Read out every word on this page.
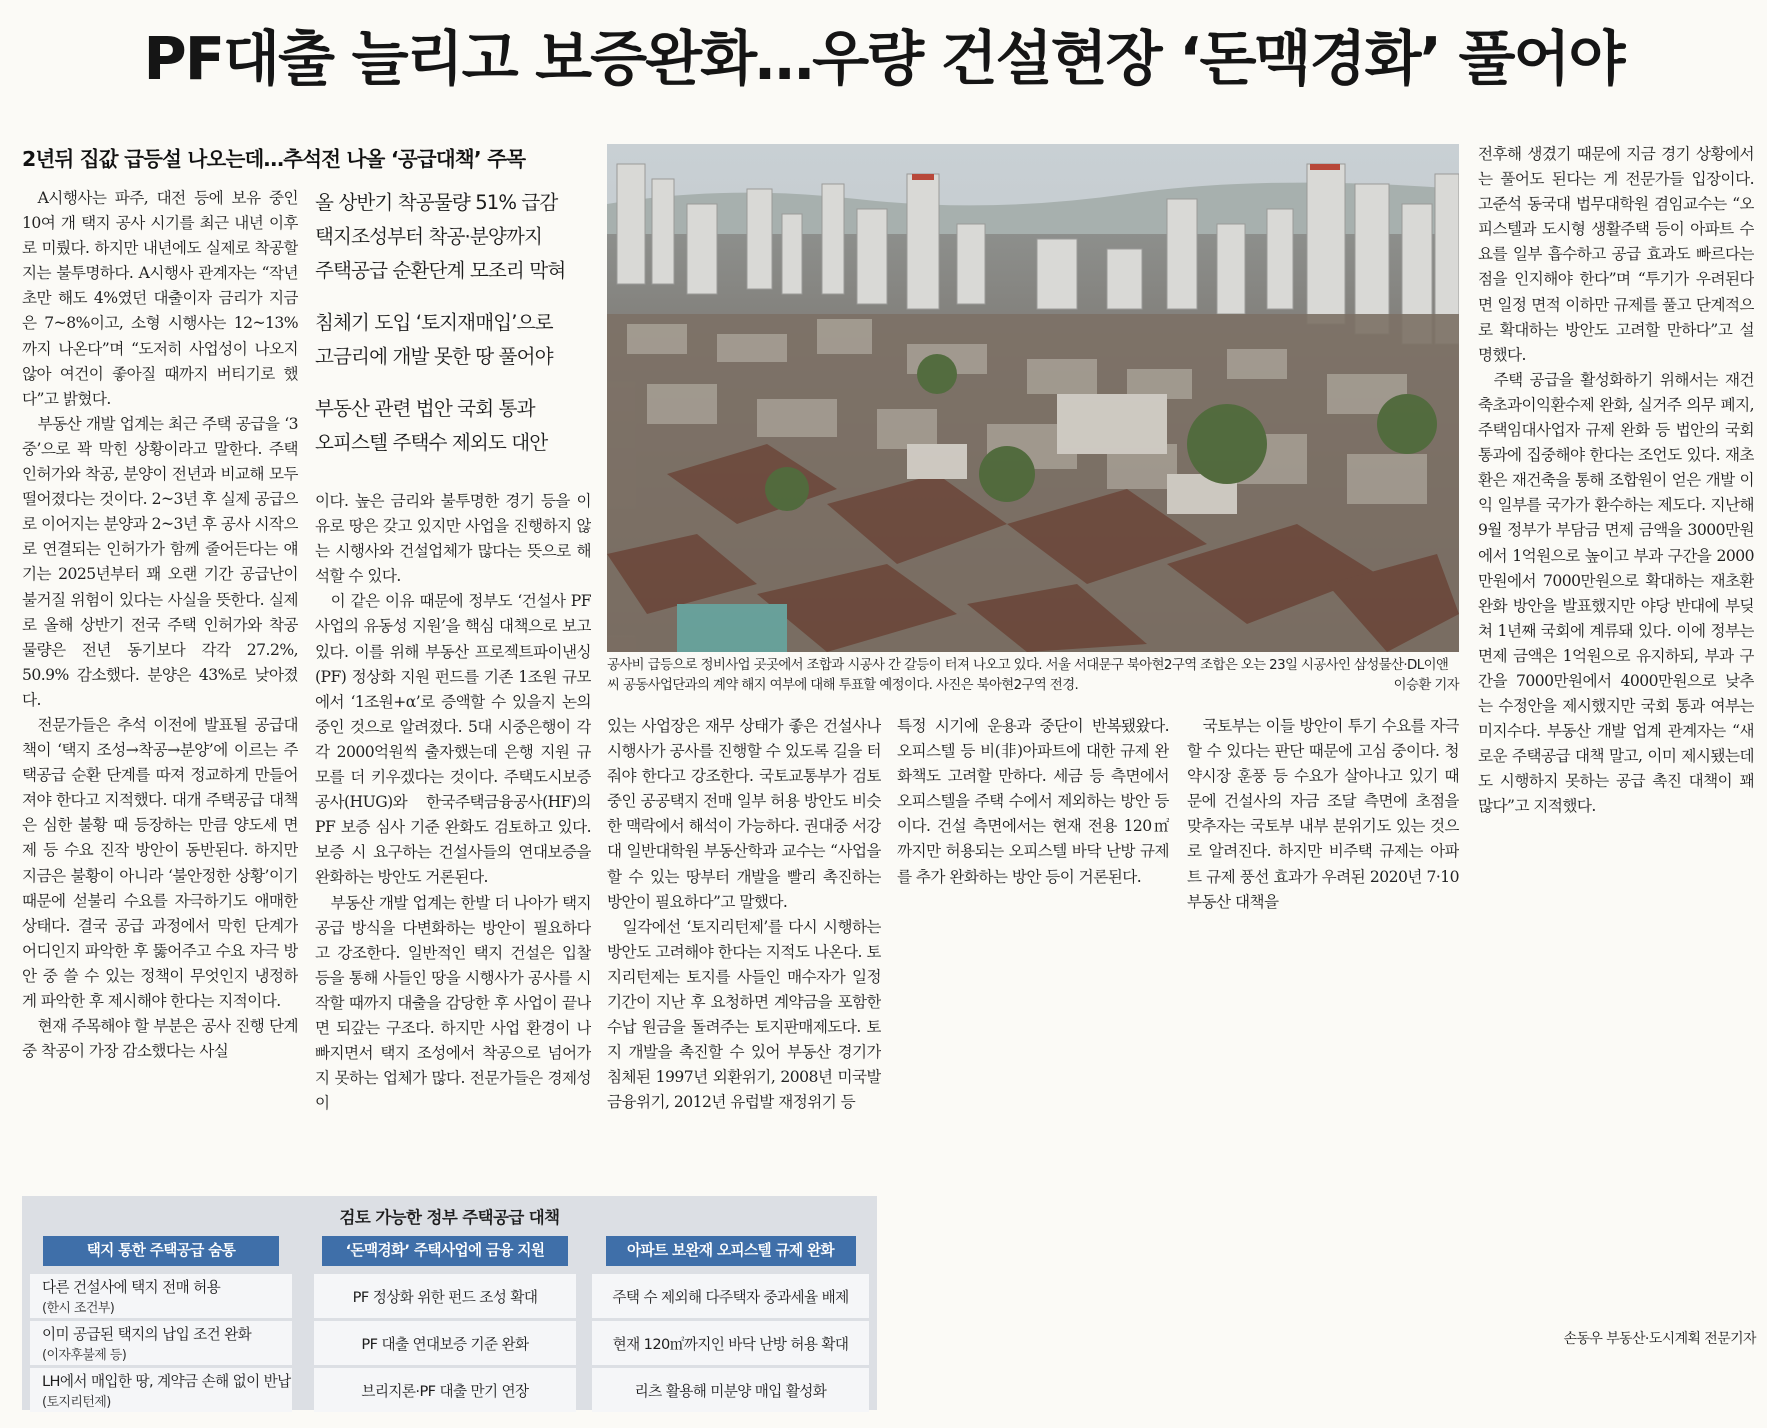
PF대출 늘리고 보증완화…우량 건설현장 ‘돈맥경화’ 풀어야
2년뒤 집값 급등설 나오는데…추석전 나올 ‘공급대책’ 주목

A시행사는 파주, 대전 등에 보유 중인 10여 개 택지 공사 시기를 최근 내년 이후로 미뤘다. 하지만 내년에도 실제로 착공할지는 불투명하다. A시행사 관계자는 “작년 초만 해도 4%였던 대출이자 금리가 지금은 7~8%이고, 소형 시행사는 12~13%까지 나온다”며 “도저히 사업성이 나오지 않아 여건이 좋아질 때까지 버티기로 했다”고 밝혔다.

부동산 개발 업계는 최근 주택 공급을 ‘3중’으로 꽉 막힌 상황이라고 말한다. 주택 인허가와 착공, 분양이 전년과 비교해 모두 떨어졌다는 것이다. 2~3년 후 실제 공급으로 이어지는 분양과 2~3년 후 공사 시작으로 연결되는 인허가가 함께 줄어든다는 얘기는 2025년부터 꽤 오랜 기간 공급난이 불거질 위험이 있다는 사실을 뜻한다. 실제로 올해 상반기 전국 주택 인허가와 착공 물량은 전년 동기보다 각각 27.2%, 50.9% 감소했다. 분양은 43%로 낮아졌다.

전문가들은 추석 이전에 발표될 공급대책이 ‘택지 조성→착공→분양’에 이르는 주택공급 순환 단계를 따져 정교하게 만들어져야 한다고 지적했다. 대개 주택공급 대책은 심한 불황 때 등장하는 만큼 양도세 면제 등 수요 진작 방안이 동반된다. 하지만 지금은 불황이 아니라 ‘불안정한 상황’이기 때문에 섣불리 수요를 자극하기도 애매한 상태다. 결국 공급 과정에서 막힌 단계가 어디인지 파악한 후 뚫어주고 수요 자극 방안 중 쓸 수 있는 정책이 무엇인지 냉정하게 파악한 후 제시해야 한다는 지적이다.

현재 주목해야 할 부분은 공사 진행 단계 중 착공이 가장 감소했다는 사실

올 상반기 착공물량 51% 급감
택지조성부터 착공·분양까지
주택공급 순환단계 모조리 막혀
침체기 도입 ‘토지재매입’으로
고금리에 개발 못한 땅 풀어야
부동산 관련 법안 국회 통과
오피스텔 주택수 제외도 대안

이다. 높은 금리와 불투명한 경기 등을 이유로 땅은 갖고 있지만 사업을 진행하지 않는 시행사와 건설업체가 많다는 뜻으로 해석할 수 있다.

이 같은 이유 때문에 정부도 ‘건설사 PF 사업의 유동성 지원’을 핵심 대책으로 보고 있다. 이를 위해 부동산 프로젝트파이낸싱(PF) 정상화 지원 펀드를 기존 1조원 규모에서 ‘1조원+α’로 증액할 수 있을지 논의 중인 것으로 알려졌다. 5대 시중은행이 각각 2000억원씩 출자했는데 은행 지원 규모를 더 키우겠다는 것이다. 주택도시보증공사(HUG)와 한국주택금융공사(HF)의 PF 보증 심사 기준 완화도 검토하고 있다. 보증 시 요구하는 건설사들의 연대보증을 완화하는 방안도 거론된다.

부동산 개발 업계는 한발 더 나아가 택지 공급 방식을 다변화하는 방안이 필요하다고 강조한다. 일반적인 택지 건설은 입찰 등을 통해 사들인 땅을 시행사가 공사를 시작할 때까지 대출을 감당한 후 사업이 끝나면 되갚는 구조다. 하지만 사업 환경이 나빠지면서 택지 조성에서 착공으로 넘어가지 못하는 업체가 많다. 전문가들은 경제성이

공사비 급등으로 정비사업 곳곳에서 조합과 시공사 간 갈등이 터져 나오고 있다. 서울 서대문구 북아현2구역 조합은 오는 23일 시공사인 삼성물산·DL이앤씨 공동사업단과의 계약 해지 여부에 대해 투표할 예정이다. 사진은 북아현2구역 전경.	이승환 기자

있는 사업장은 재무 상태가 좋은 건설사나 시행사가 공사를 진행할 수 있도록 길을 터줘야 한다고 강조한다. 국토교통부가 검토 중인 공공택지 전매 일부 허용 방안도 비슷한 맥락에서 해석이 가능하다. 권대중 서강대 일반대학원 부동산학과 교수는 “사업을 할 수 있는 땅부터 개발을 빨리 촉진하는 방안이 필요하다”고 말했다.

일각에선 ‘토지리턴제’를 다시 시행하는 방안도 고려해야 한다는 지적도 나온다. 토지리턴제는 토지를 사들인 매수자가 일정 기간이 지난 후 요청하면 계약금을 포함한 수납 원금을 돌려주는 토지판매제도다. 토지 개발을 촉진할 수 있어 부동산 경기가 침체된 1997년 외환위기, 2008년 미국발 금융위기, 2012년 유럽발 재정위기 등

특정 시기에 운용과 중단이 반복됐왔다. 오피스텔 등 비(非)아파트에 대한 규제 완화책도 고려할 만하다. 세금 등 측면에서 오피스텔을 주택 수에서 제외하는 방안 등이다. 건설 측면에서는 현재 전용 120㎡까지만 허용되는 오피스텔 바닥 난방 규제를 추가 완화하는 방안 등이 거론된다.

국토부는 이들 방안이 투기 수요를 자극할 수 있다는 판단 때문에 고심 중이다. 청약시장 훈풍 등 수요가 살아나고 있기 때문에 건설사의 자금 조달 측면에 초점을 맞추자는 국토부 내부 분위기도 있는 것으로 알려진다. 하지만 비주택 규제는 아파트 규제 풍선 효과가 우려된 2020년 7·10 부동산 대책을

전후해 생겼기 때문에 지금 경기 상황에서는 풀어도 된다는 게 전문가들 입장이다. 고준석 동국대 법무대학원 겸임교수는 “오피스텔과 도시형 생활주택 등이 아파트 수요를 일부 흡수하고 공급 효과도 빠르다는 점을 인지해야 한다”며 “투기가 우려된다면 일정 면적 이하만 규제를 풀고 단계적으로 확대하는 방안도 고려할 만하다”고 설명했다.

주택 공급을 활성화하기 위해서는 재건축초과이익환수제 완화, 실거주 의무 폐지, 주택임대사업자 규제 완화 등 법안의 국회 통과에 집중해야 한다는 조언도 있다. 재초환은 재건축을 통해 조합원이 얻은 개발 이익 일부를 국가가 환수하는 제도다. 지난해 9월 정부가 부담금 면제 금액을 3000만원에서 1억원으로 높이고 부과 구간을 2000만원에서 7000만원으로 확대하는 재초환 완화 방안을 발표했지만 야당 반대에 부딪쳐 1년째 국회에 계류돼 있다. 이에 정부는 면제 금액은 1억원으로 유지하되, 부과 구간을 7000만원에서 4000만원으로 낮추는 수정안을 제시했지만 국회 통과 여부는 미지수다. 부동산 개발 업계 관계자는 “새로운 주택공급 대책 말고, 이미 제시됐는데도 시행하지 못하는 공급 촉진 대책이 꽤 많다”고 지적했다.

손동우 부동산·도시계획 전문기자
검토 가능한 정부 주택공급 대책
택지 통한 주택공급 숨통
다른 건설사에 택지 전매 허용
(한시 조건부)
이미 공급된 택지의 납입 조건 완화
(이자후불제 등)
LH에서 매입한 땅, 계약금 손해 없이 반납
(토지리턴제)
‘돈맥경화’ 주택사업에 금융 지원
PF 정상화 위한 펀드 조성 확대
PF 대출 연대보증 기준 완화
브리지론·PF 대출 만기 연장
아파트 보완재 오피스텔 규제 완화
주택 수 제외해 다주택자 중과세율 배제
현재 120㎡까지인 바닥 난방 허용 확대
리츠 활용해 미분양 매입 활성화
